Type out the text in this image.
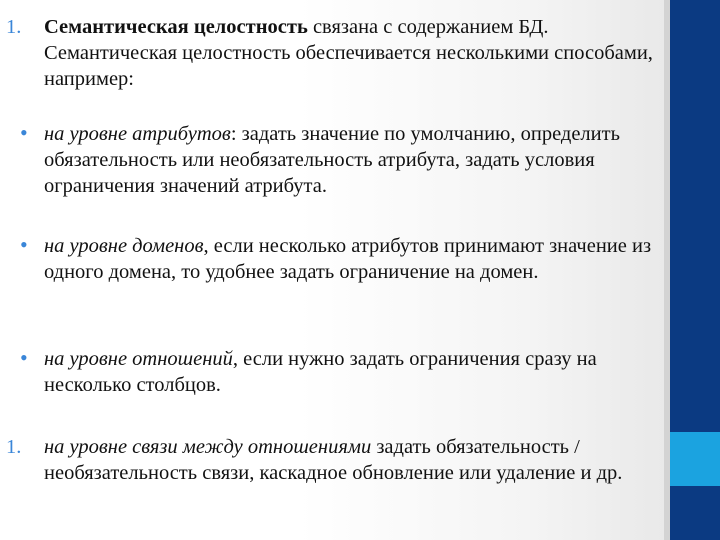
1. Семантическая целостность связана с содержанием БД. Семантическая целостность обеспечивается несколькими способами, например:
• на уровне атрибутов: задать значение по умолчанию, определить обязательность или необязательность атрибута, задать условия ограничения значений атрибута.
• на уровне доменов, если несколько атрибутов принимают значение из одного домена, то удобнее задать ограничение на домен.
• на уровне отношений, если нужно задать ограничения сразу на несколько столбцов.
1. на уровне связи между отношениями задать обязательность / необязательность связи, каскадное обновление или удаление и др.
